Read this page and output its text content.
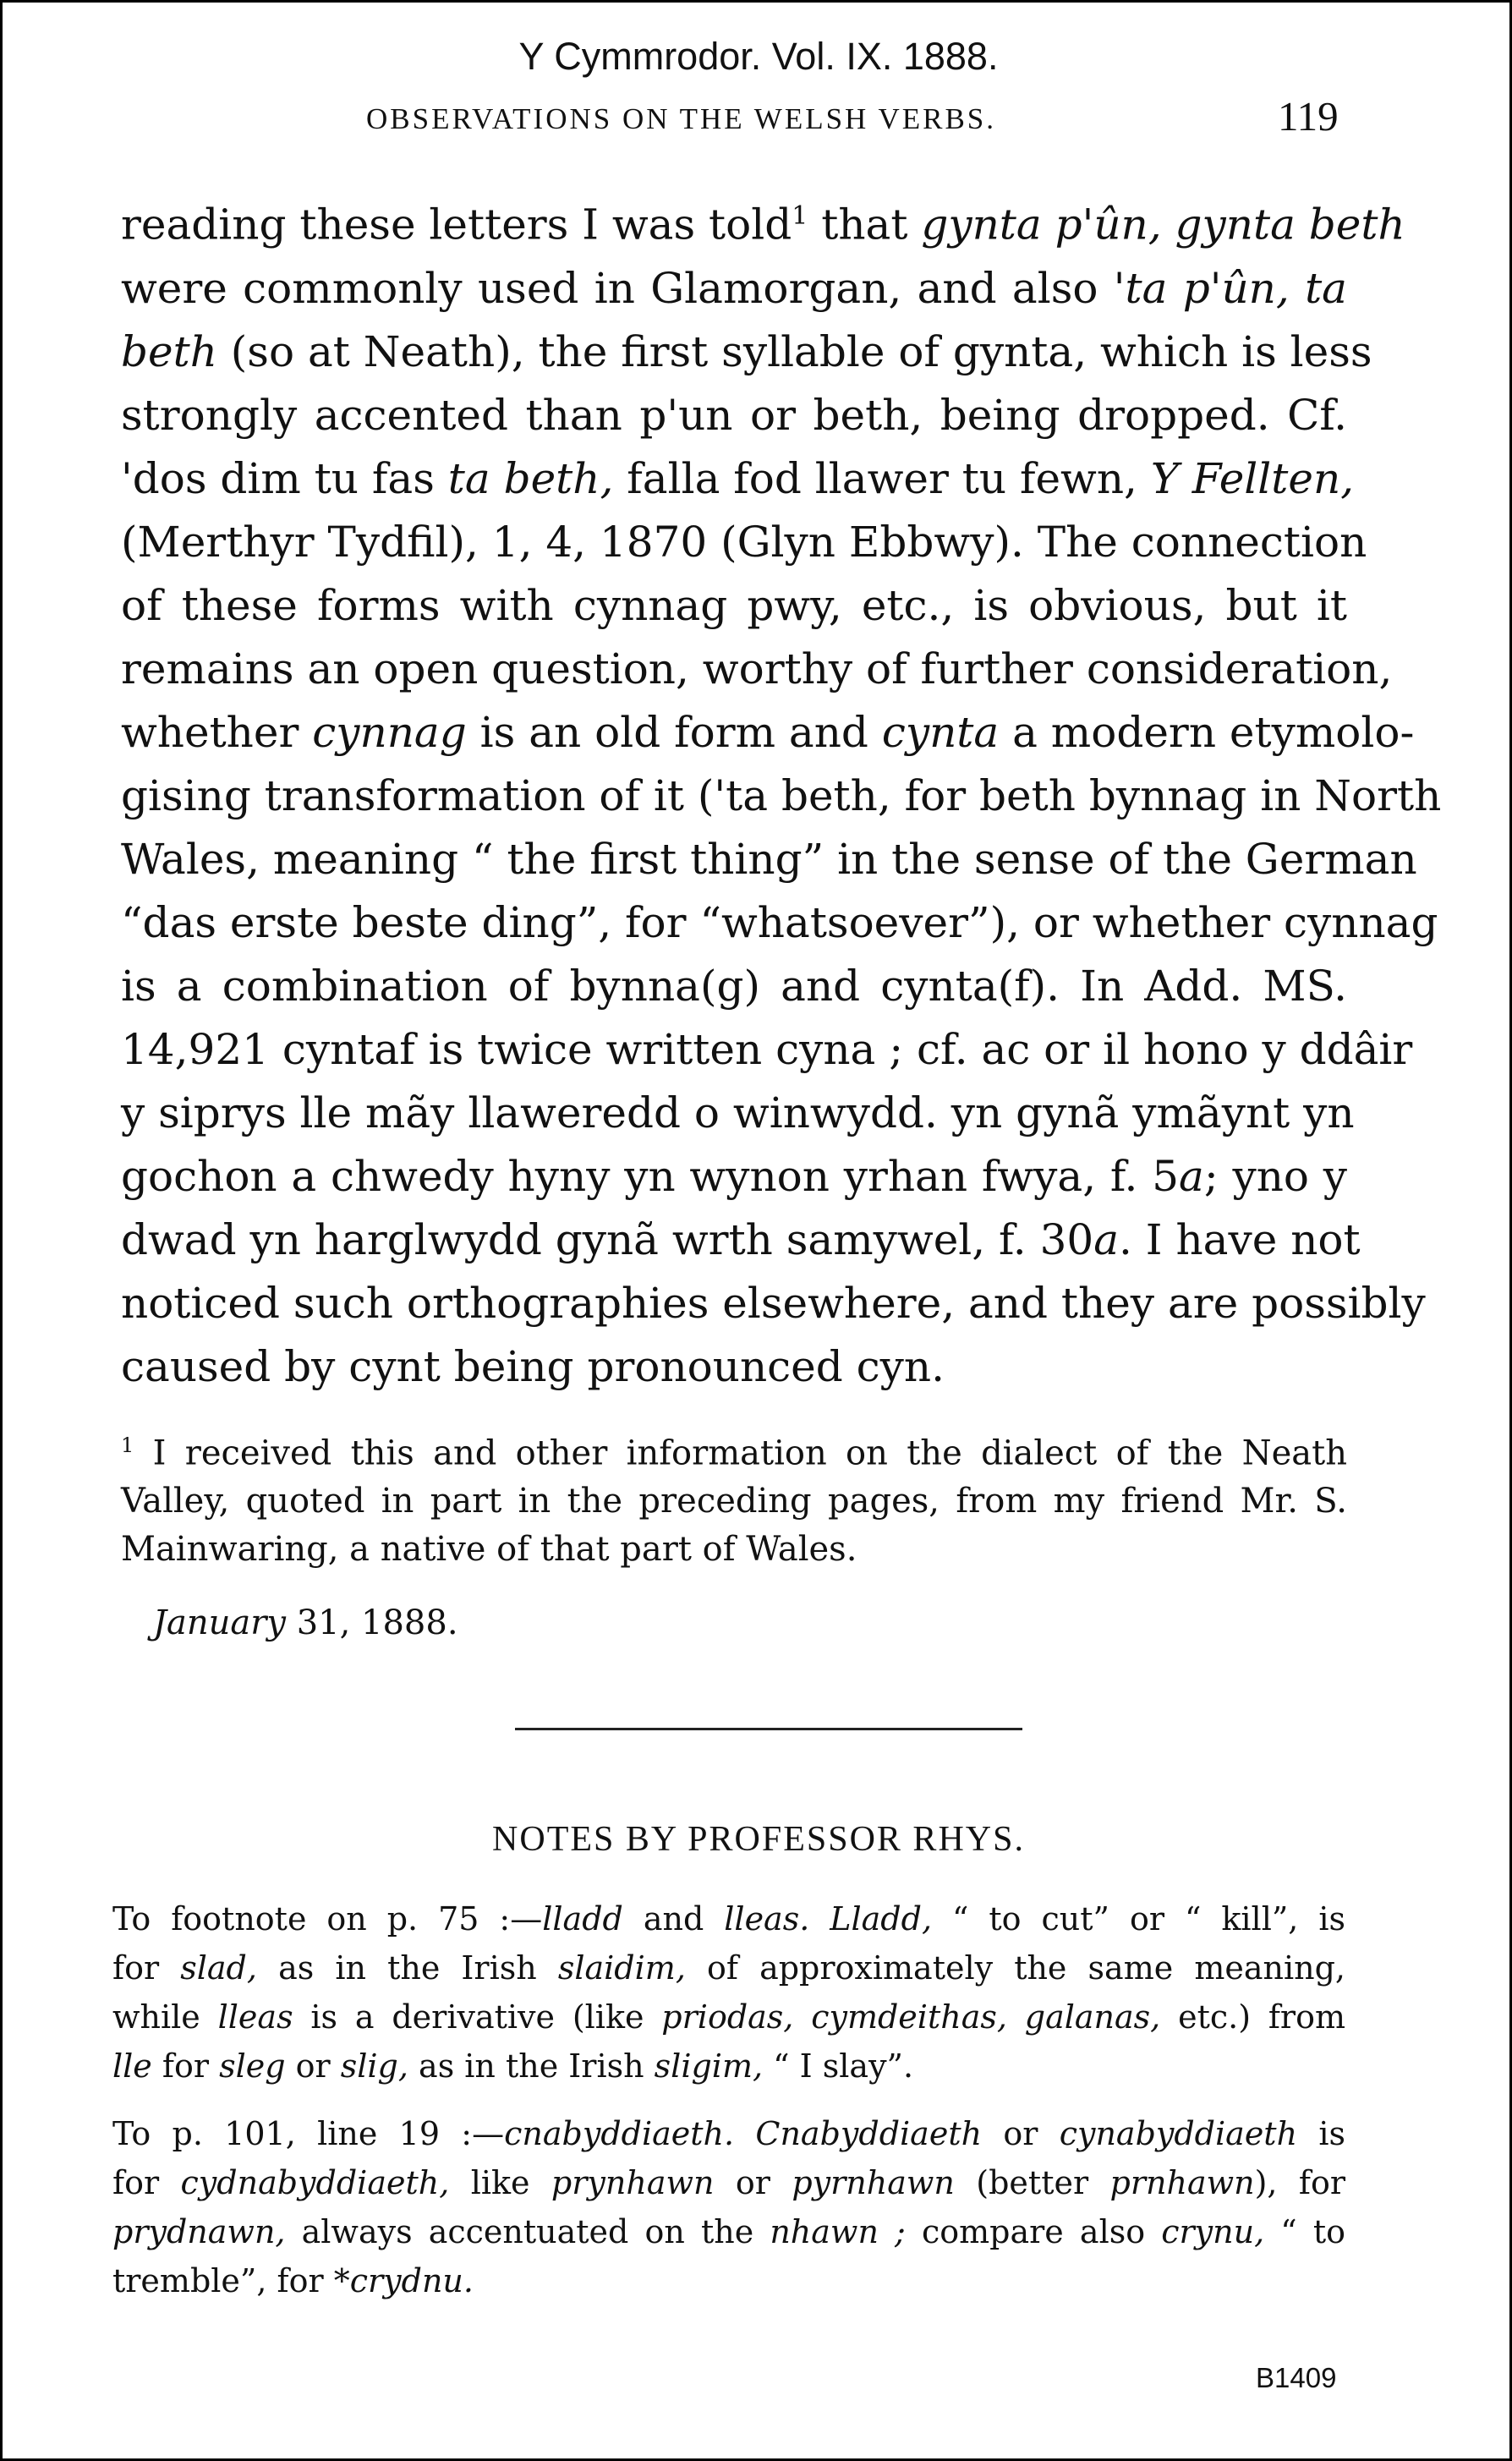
Y Cymmrodor. Vol. IX. 1888.
OBSERVATIONS ON THE WELSH VERBS.	119
reading these letters I was told$^1$ that gynta p'ûn, gynta beth
were commonly used in Glamorgan, and also 'ta p'ûn, ta
beth (so at Neath), the first syllable of gynta, which is less
strongly accented than p'un or beth, being dropped. Cf.
'dos dim tu fas ta beth, falla fod llawer tu fewn, Y Fellten,
(Merthyr Tydfil), 1, 4, 1870 (Glyn Ebbwy). The connection
of these forms with cynnag pwy, etc., is obvious, but it
remains an open question, worthy of further consideration,
whether cynnag is an old form and cynta a modern etymolo-
gising transformation of it ('ta beth, for beth bynnag in North
Wales, meaning “ the first thing” in the sense of the German
“das erste beste ding”, for “whatsoever”), or whether cynnag
is a combination of bynna(g) and cynta(f). In Add. MS.
14,921 cyntaf is twice written cyna ; cf. ac or il hono y ddâir
y siprys lle mãy llaweredd o winwydd. yn gynã ymãynt yn
gochon a chwedy hyny yn wynon yrhan fwya, f. 5a; yno y
dwad yn harglwydd gynã wrth samywel, f. 30a. I have not
noticed such orthographies elsewhere, and they are possibly
caused by cynt being pronounced cyn.
$^1$ I received this and other information on the dialect of the Neath
Valley, quoted in part in the preceding pages, from my friend Mr. S.
Mainwaring, a native of that part of Wales.
January 31, 1888.
NOTES BY PROFESSOR RHYS.
To footnote on p. 75 :—lladd and lleas. Lladd, “ to cut” or “ kill”, is
for slad, as in the Irish slaidim, of approximately the same meaning,
while lleas is a derivative (like priodas, cymdeithas, galanas, etc.) from
lle for sleg or slig, as in the Irish sligim, “ I slay”.
To p. 101, line 19 :—cnabyddiaeth. Cnabyddiaeth or cynabyddiaeth is
for cydnabyddiaeth, like prynhawn or pyrnhawn (better prnhawn), for
prydnawn, always accentuated on the nhawn ; compare also crynu, “ to
tremble”, for *crydnu.
B1409
